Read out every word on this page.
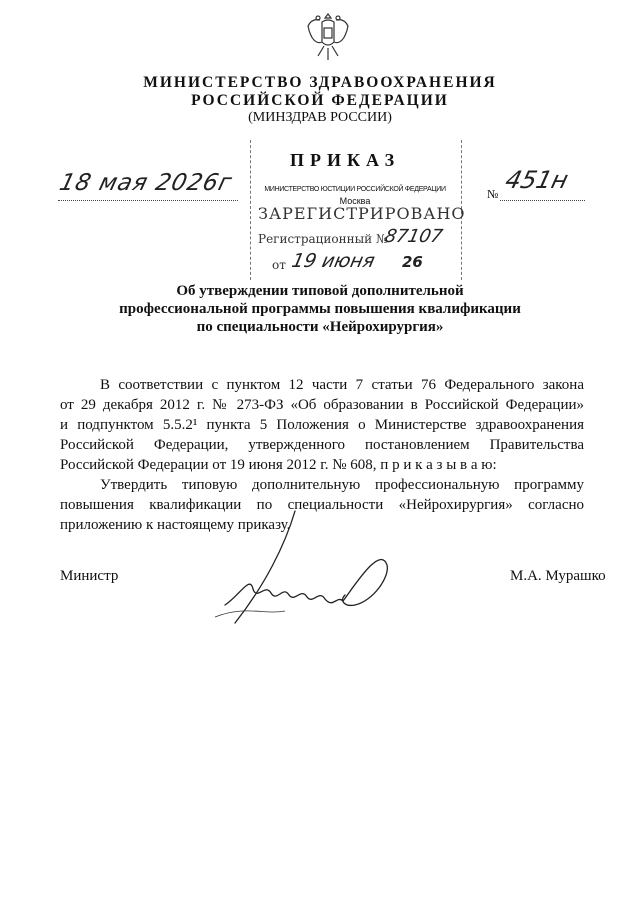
МИНИСТЕРСТВО ЗДРАВООХРАНЕНИЯ
РОССИЙСКОЙ ФЕДЕРАЦИИ
(МИНЗДРАВ РОССИИ)
18 мая 2026г	№ 451н
ПРИКАЗ
МИНИСТЕРСТВО ЮСТИЦИИ РОССИЙСКОЙ ФЕДЕРАЦИИ
Москва
ЗАРЕГИСТРИРОВАНО
Регистрационный №
87107
от 19 июня 26
Об утверждении типовой дополнительной
профессиональной программы повышения квалификации
по специальности «Нейрохирургия»
В соответствии с пунктом 12 части 7 статьи 76 Федерального закона
от 29 декабря 2012 г. № 273-ФЗ «Об образовании в Российской Федерации»
и подпунктом 5.5.2¹ пункта 5 Положения о Министерстве здравоохранения
Российской Федерации, утвержденного постановлением Правительства
Российской Федерации от 19 июня 2012 г. № 608, п р и к а з ы в а ю:
Утвердить типовую дополнительную профессиональную программу
повышения квалификации по специальности «Нейрохирургия» согласно
приложению к настоящему приказу.
Министр	М.А. Мурашко
